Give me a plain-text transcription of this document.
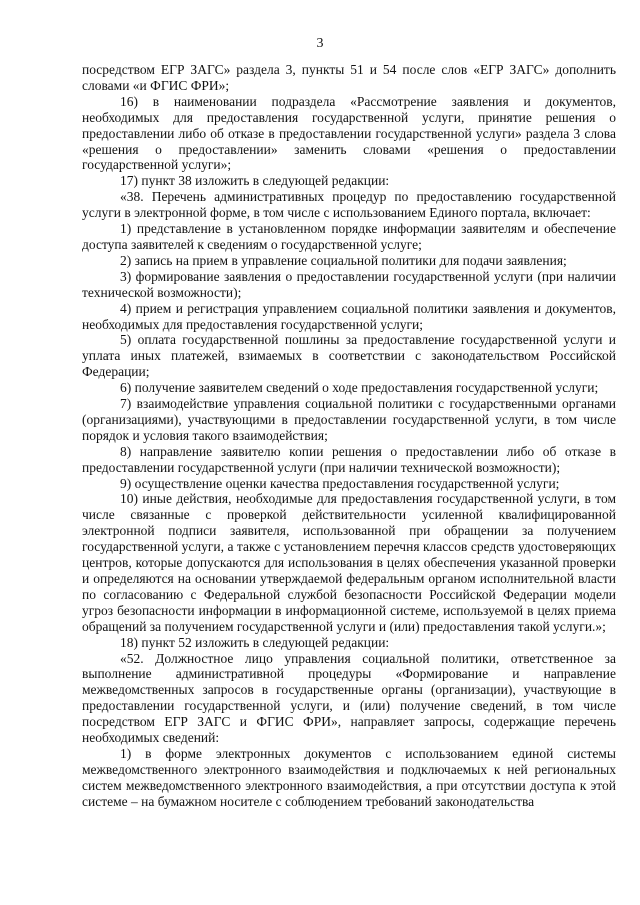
3

посредством ЕГР ЗАГС» раздела 3, пункты 51 и 54 после слов «ЕГР ЗАГС» дополнить словами «и ФГИС ФРИ»;

16) в наименовании подраздела «Рассмотрение заявления и документов, необходимых для предоставления государственной услуги, принятие решения о предоставлении либо об отказе в предоставлении государственной услуги» раздела 3 слова «решения о предоставлении» заменить словами «решения о предоставлении государственной услуги»;

17) пункт 38 изложить в следующей редакции:

«38. Перечень административных процедур по предоставлению государственной услуги в электронной форме, в том числе с использованием Единого портала, включает:

1) представление в установленном порядке информации заявителям и обеспечение доступа заявителей к сведениям о государственной услуге;

2) запись на прием в управление социальной политики для подачи заявления;

3) формирование заявления о предоставлении государственной услуги (при наличии технической возможности);

4) прием и регистрация управлением социальной политики заявления и документов, необходимых для предоставления государственной услуги;

5) оплата государственной пошлины за предоставление государственной услуги и уплата иных платежей, взимаемых в соответствии с законодательством Российской Федерации;

6) получение заявителем сведений о ходе предоставления государственной услуги;

7) взаимодействие управления социальной политики с государственными органами (организациями), участвующими в предоставлении государственной услуги, в том числе порядок и условия такого взаимодействия;

8) направление заявителю копии решения о предоставлении либо об отказе в предоставлении государственной услуги (при наличии технической возможности);

9) осуществление оценки качества предоставления государственной услуги;

10) иные действия, необходимые для предоставления государственной услуги, в том числе связанные с проверкой действительности усиленной квалифицированной электронной подписи заявителя, использованной при обращении за получением государственной услуги, а также с установлением перечня классов средств удостоверяющих центров, которые допускаются для использования в целях обеспечения указанной проверки и определяются на основании утверждаемой федеральным органом исполнительной власти по согласованию с Федеральной службой безопасности Российской Федерации модели угроз безопасности информации в информационной системе, используемой в целях приема обращений за получением государственной услуги и (или) предоставления такой услуги.»;

18) пункт 52 изложить в следующей редакции:

«52. Должностное лицо управления социальной политики, ответственное за выполнение административной процедуры «Формирование и направление межведомственных запросов в государственные органы (организации), участвующие в предоставлении государственной услуги, и (или) получение сведений, в том числе посредством ЕГР ЗАГС и ФГИС ФРИ», направляет запросы, содержащие перечень необходимых сведений:

1) в форме электронных документов с использованием единой системы межведомственного электронного взаимодействия и подключаемых к ней региональных систем межведомственного электронного взаимодействия, а при отсутствии доступа к этой системе – на бумажном носителе с соблюдением требований законодательства
